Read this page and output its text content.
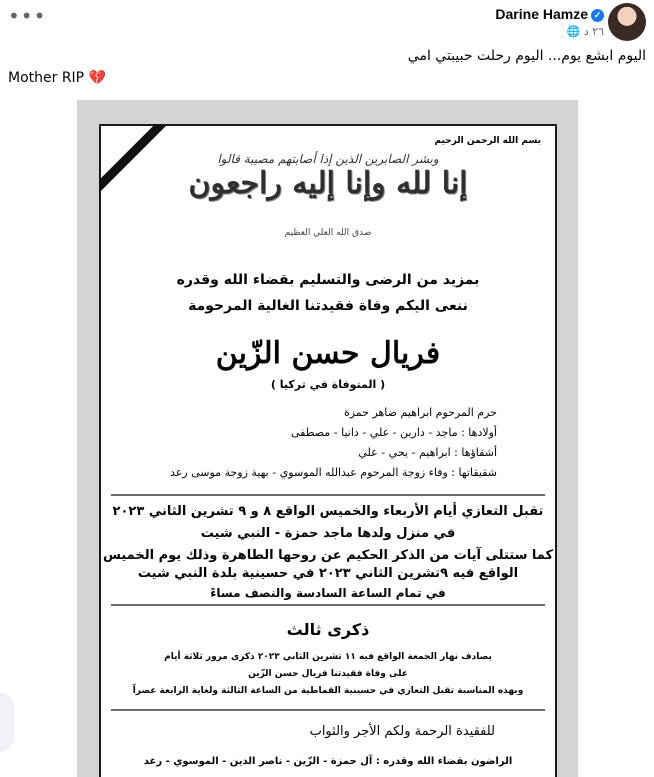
•••	Darine Hamze ✓
٢٦ د 🌐
اليوم ابشع يوم... اليوم رحلت حبيبتي امي
Mother RIP 💔
بسم الله الرحمن الرحيم
وبشر الصابرين الذين إذا أصابتهم مصيبة قالوا
إنا لله وإنا إليه راجعون
صدق الله العلي العظيم
بمزيد من الرضى والتسليم بقضاء الله وقدره
ننعى اليكم وفاة فقيدتنا الغالية المرحومة
فريال حسن الزّين
( المتوفاة في تركيا )
حرم المرحوم ابراهيم ضاهر حمزة
أولادها : ماجد - دارين - علي - دانيا - مصطفى
أشقاؤها : ابراهيم - يحي - علي
شقيقاتها : وفاء زوجة المرحوم عبدالله الموسوي - بهية زوجة موسى رعد
تقبل التعازي أيام الأربعاء والخميس الواقع ٨ و ٩ تشرين الثاني ٢٠٢٣
في منزل ولدها ماجد حمزة - النبي شيت
كما ستتلى آيات من الذكر الحكيم عن روحها الطاهرة وذلك يوم الخميس
الواقع فيه ٩تشرين الثاني ٢٠٢٣ في حسينية بلدة النبي شيت
في تمام الساعة السادسة والنصف مساءً
ذكرى ثالث
يصادف نهار الجمعة الواقع فيه ١١ تشرين الثاني ٢٠٢٣ ذكرى مرور ثلاثة أيام
على وفاة فقيدتنا فريال حسن الزّين
وبهذه المناسبة تقبل التعازي في حسينية القماطية من الساعة الثالثة ولغاية الرابعة عصراً
للفقيدة الرحمة ولكم الأجر والثواب
الراضون بقضاء الله وقدره : آل حمزة - الزّين - ناصر الدين - الموسوي - رعد
